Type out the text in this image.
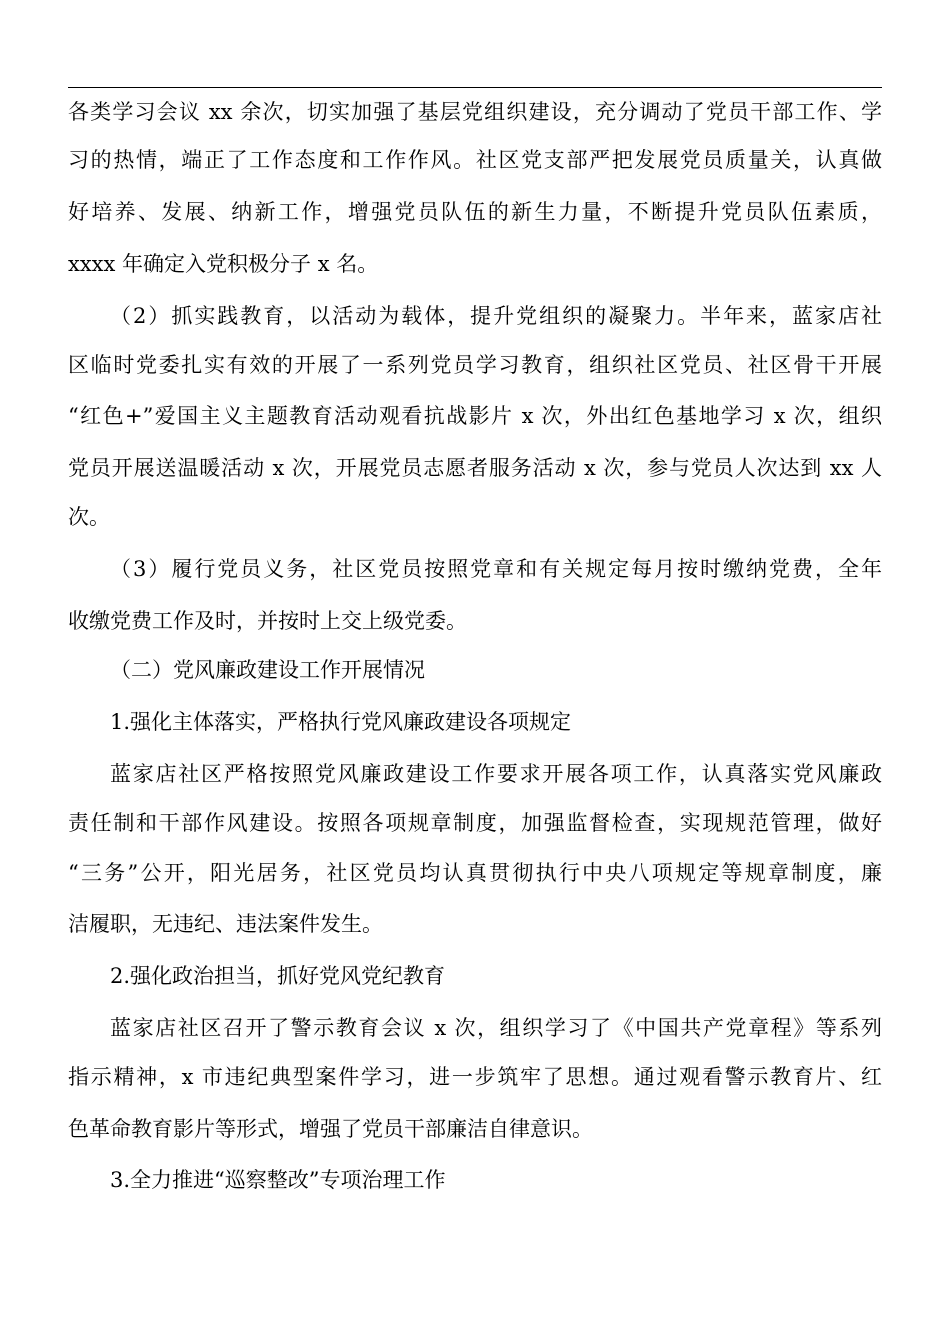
各类学习会议 xx 余次，切实加强了基层党组织建设，充分调动了党员干部工作、学
习的热情，端正了工作态度和工作作风。社区党支部严把发展党员质量关，认真做
好培养、发展、纳新工作，增强党员队伍的新生力量，不断提升党员队伍素质，
xxxx 年确定入党积极分子 x 名。
（2）抓实践教育，以活动为载体，提升党组织的凝聚力。半年来，蓝家店社
区临时党委扎实有效的开展了一系列党员学习教育，组织社区党员、社区骨干开展
“红色+”爱国主义主题教育活动观看抗战影片 x 次，外出红色基地学习 x 次，组织
党员开展送温暖活动 x 次，开展党员志愿者服务活动 x 次，参与党员人次达到 xx 人
次。
（3）履行党员义务，社区党员按照党章和有关规定每月按时缴纳党费，全年
收缴党费工作及时，并按时上交上级党委。
（二）党风廉政建设工作开展情况
1.强化主体落实，严格执行党风廉政建设各项规定
蓝家店社区严格按照党风廉政建设工作要求开展各项工作，认真落实党风廉政
责任制和干部作风建设。按照各项规章制度，加强监督检查，实现规范管理，做好
“三务”公开，阳光居务，社区党员均认真贯彻执行中央八项规定等规章制度，廉
洁履职，无违纪、违法案件发生。
2.强化政治担当，抓好党风党纪教育
蓝家店社区召开了警示教育会议 x 次，组织学习了《中国共产党章程》等系列
指示精神，x 市违纪典型案件学习，进一步筑牢了思想。通过观看警示教育片、红
色革命教育影片等形式，增强了党员干部廉洁自律意识。
3.全力推进“巡察整改”专项治理工作
